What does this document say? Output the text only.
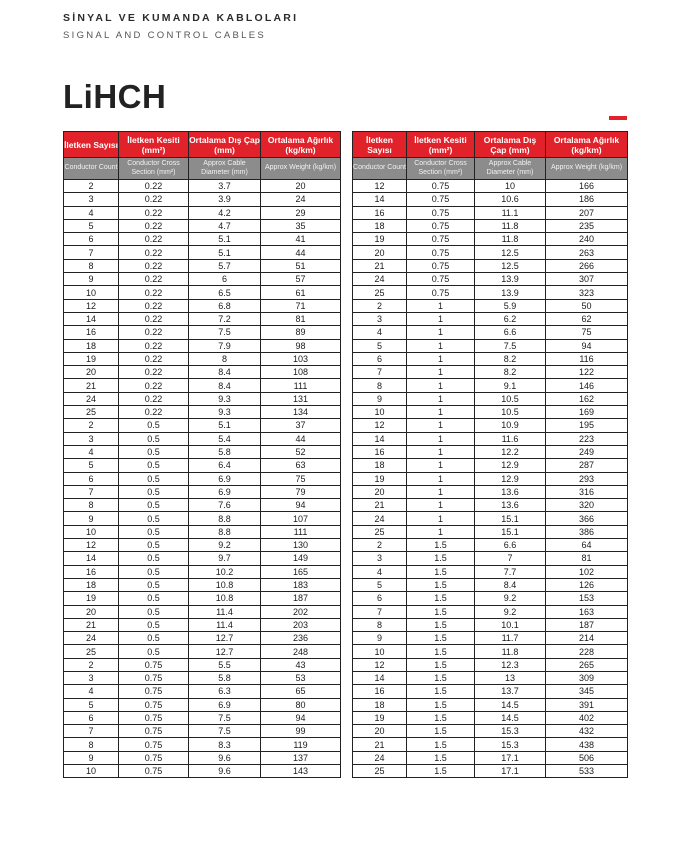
SİNYAL VE KUMANDA KABLOLARI
SIGNAL AND CONTROL CABLES
LiHCH
İletken Sayısı	İletken Kesiti (mm²)	Ortalama Dış Çap (mm)	Ortalama Ağırlık (kg/km)
Conductor Count	Conductor Cross Section (mm²)	Approx Cable Diameter (mm)	Approx Weight (kg/km)
2	0.22	3.7	20
3	0.22	3.9	24
4	0.22	4.2	29
5	0.22	4.7	35
6	0.22	5.1	41
7	0.22	5.1	44
8	0.22	5.7	51
9	0.22	6	57
10	0.22	6.5	61
12	0.22	6.8	71
14	0.22	7.2	81
16	0.22	7.5	89
18	0.22	7.9	98
19	0.22	8	103
20	0.22	8.4	108
21	0.22	8.4	111
24	0.22	9.3	131
25	0.22	9.3	134
2	0.5	5.1	37
3	0.5	5.4	44
4	0.5	5.8	52
5	0.5	6.4	63
6	0.5	6.9	75
7	0.5	6.9	79
8	0.5	7.6	94
9	0.5	8.8	107
10	0.5	8.8	111
12	0.5	9.2	130
14	0.5	9.7	149
16	0.5	10.2	165
18	0.5	10.8	183
19	0.5	10.8	187
20	0.5	11.4	202
21	0.5	11.4	203
24	0.5	12.7	236
25	0.5	12.7	248
2	0.75	5.5	43
3	0.75	5.8	53
4	0.75	6.3	65
5	0.75	6.9	80
6	0.75	7.5	94
7	0.75	7.5	99
8	0.75	8.3	119
9	0.75	9.6	137
10	0.75	9.6	143
İletken Sayısı	İletken Kesiti (mm²)	Ortalama Dış Çap (mm)	Ortalama Ağırlık (kg/km)
Conductor Count	Conductor Cross Section (mm²)	Approx Cable Diameter (mm)	Approx Weight (kg/km)
12	0.75	10	166
14	0.75	10.6	186
16	0.75	11.1	207
18	0.75	11.8	235
19	0.75	11.8	240
20	0.75	12.5	263
21	0.75	12.5	266
24	0.75	13.9	307
25	0.75	13.9	323
2	1	5.9	50
3	1	6.2	62
4	1	6.6	75
5	1	7.5	94
6	1	8.2	116
7	1	8.2	122
8	1	9.1	146
9	1	10.5	162
10	1	10.5	169
12	1	10.9	195
14	1	11.6	223
16	1	12.2	249
18	1	12.9	287
19	1	12.9	293
20	1	13.6	316
21	1	13.6	320
24	1	15.1	366
25	1	15.1	386
2	1.5	6.6	64
3	1.5	7	81
4	1.5	7.7	102
5	1.5	8.4	126
6	1.5	9.2	153
7	1.5	9.2	163
8	1.5	10.1	187
9	1.5	11.7	214
10	1.5	11.8	228
12	1.5	12.3	265
14	1.5	13	309
16	1.5	13.7	345
18	1.5	14.5	391
19	1.5	14.5	402
20	1.5	15.3	432
21	1.5	15.3	438
24	1.5	17.1	506
25	1.5	17.1	533
